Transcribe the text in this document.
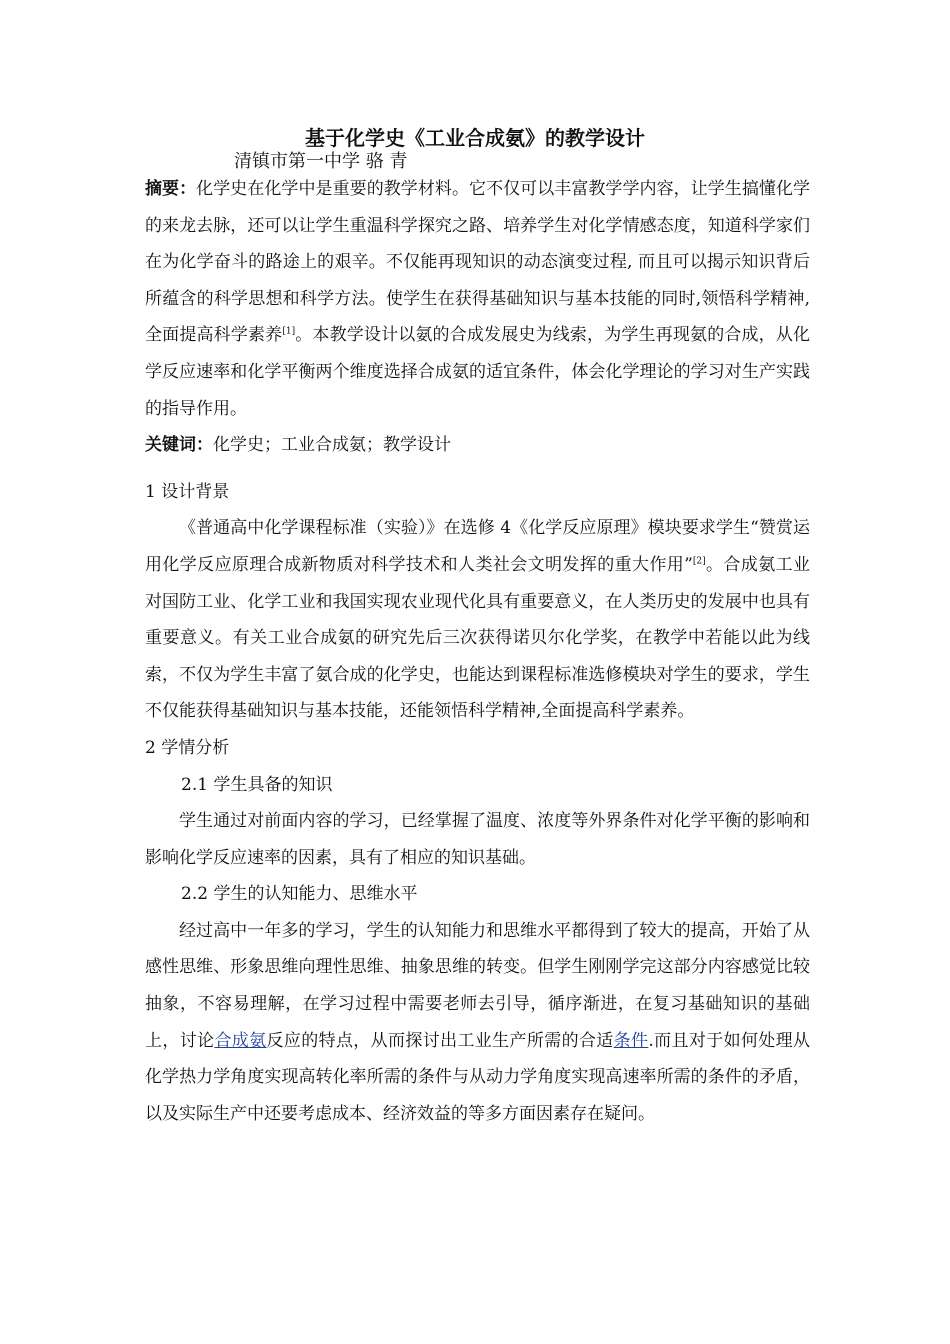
基于化学史《工业合成氨》的教学设计
清镇市第一中学 骆 青

摘要：化学史在化学中是重要的教学材料。它不仅可以丰富教学学内容，让学生搞懂化学的来龙去脉，还可以让学生重温科学探究之路、培养学生对化学情感态度，知道科学家们在为化学奋斗的路途上的艰辛。不仅能再现知识的动态演变过程, 而且可以揭示知识背后所蕴含的科学思想和科学方法。使学生在获得基础知识与基本技能的同时,领悟科学精神,全面提高科学素养[1]。本教学设计以氨的合成发展史为线索，为学生再现氨的合成，从化学反应速率和化学平衡两个维度选择合成氨的适宜条件，体会化学理论的学习对生产实践的指导作用。

关键词：化学史；工业合成氨；教学设计

1 设计背景

《普通高中化学课程标准（实验）》在选修 4《化学反应原理》模块要求学生“赞赏运用化学反应原理合成新物质对科学技术和人类社会文明发挥的重大作用”[2]。合成氨工业对国防工业、化学工业和我国实现农业现代化具有重要意义，在人类历史的发展中也具有重要意义。有关工业合成氨的研究先后三次获得诺贝尔化学奖，在教学中若能以此为线索，不仅为学生丰富了氨合成的化学史，也能达到课程标准选修模块对学生的要求，学生不仅能获得基础知识与基本技能，还能领悟科学精神,全面提高科学素养。

2 学情分析

2.1 学生具备的知识

学生通过对前面内容的学习，已经掌握了温度、浓度等外界条件对化学平衡的影响和影响化学反应速率的因素，具有了相应的知识基础。

2.2 学生的认知能力、思维水平

经过高中一年多的学习，学生的认知能力和思维水平都得到了较大的提高，开始了从感性思维、形象思维向理性思维、抽象思维的转变。但学生刚刚学完这部分内容感觉比较抽象，不容易理解，在学习过程中需要老师去引导，循序渐进，在复习基础知识的基础上，讨论合成氨反应的特点，从而探讨出工业生产所需的合适条件.而且对于如何处理从化学热力学角度实现高转化率所需的条件与从动力学角度实现高速率所需的条件的矛盾，以及实际生产中还要考虑成本、经济效益的等多方面因素存在疑问。
